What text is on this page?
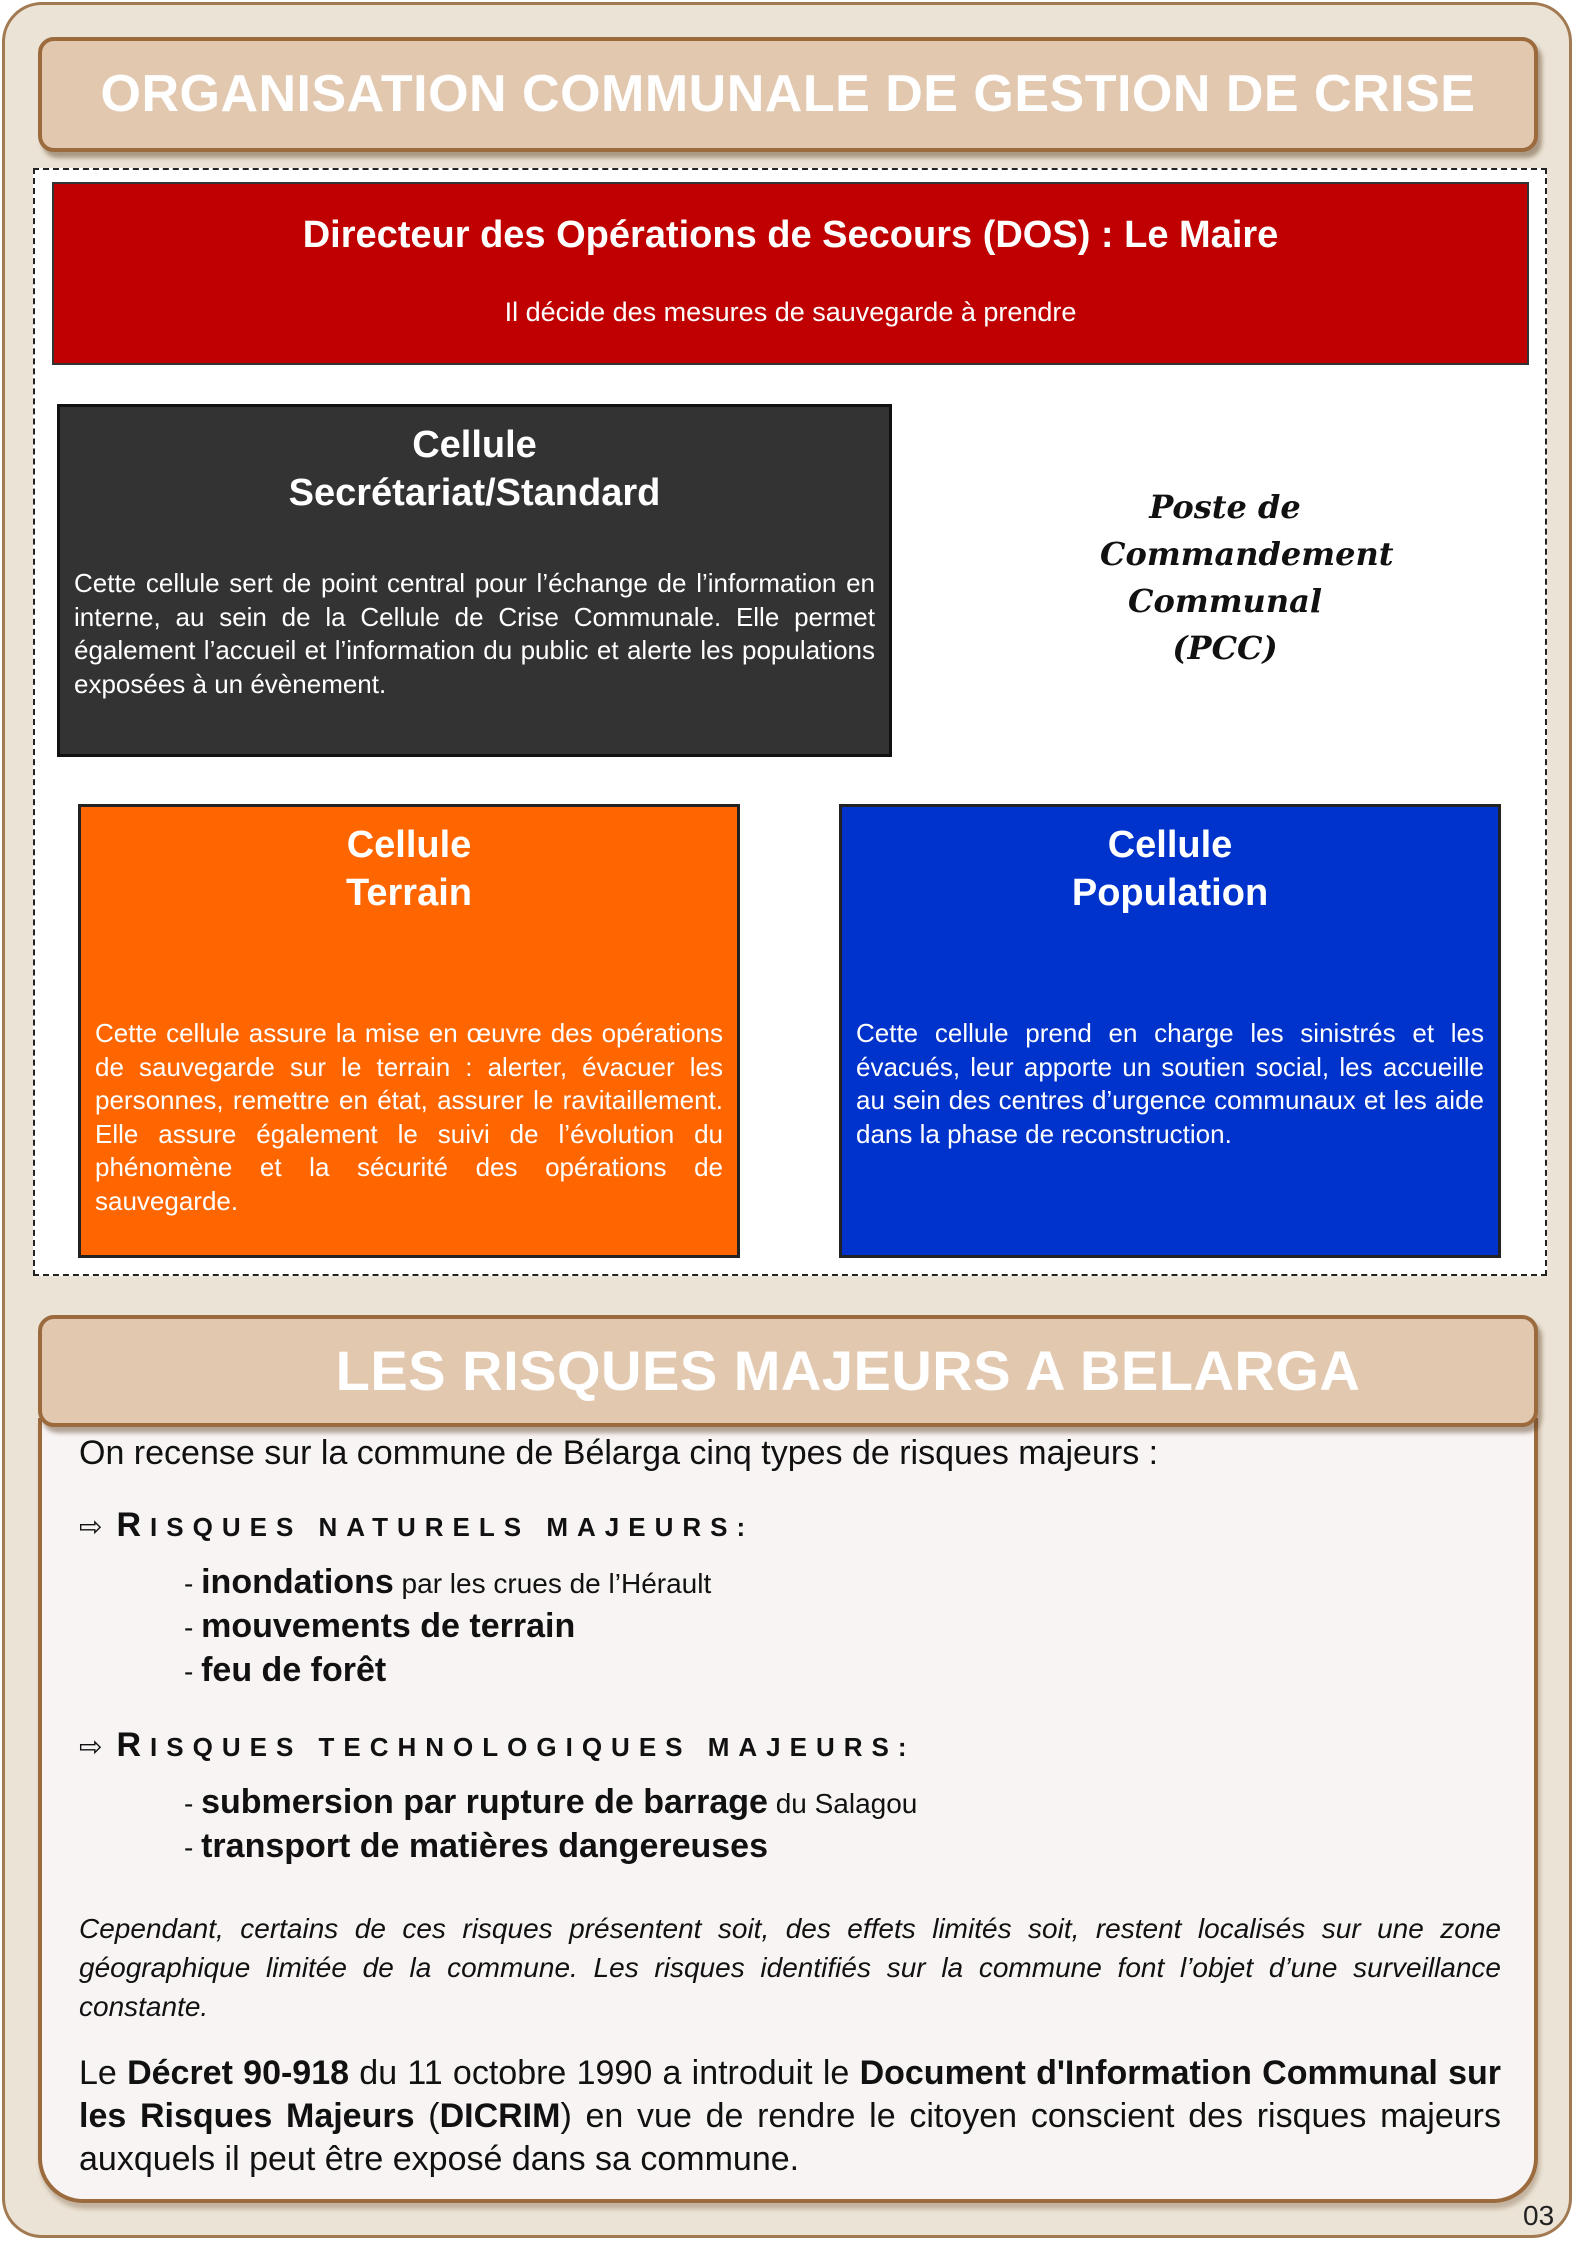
ORGANISATION COMMUNALE DE GESTION DE CRISE
Directeur des Opérations de Secours (DOS) : Le Maire
Il décide des mesures de sauvegarde à prendre
Cellule
Secrétariat/Standard
Cette cellule sert de point central pour l’échange de l’information en interne, au sein de la Cellule de Crise Communale. Elle permet également l’accueil et l’information du public et alerte les populations exposées à un évènement.
Poste de
Commandement
Communal
(PCC)
Cellule
Terrain
Cette cellule assure la mise en œuvre des opérations de sauvegarde sur le terrain : alerter, évacuer les personnes, remettre en état, assurer le ravitaillement. Elle assure également le suivi de l’évolution du phénomène et la sécurité des opérations de sauvegarde.
Cellule
Population
Cette cellule prend en charge les sinistrés et les évacués, leur apporte un soutien social, les accueille au sein des centres d’urgence communaux et les aide dans la phase de reconstruction.
On recense sur la commune de Bélarga cinq types de risques majeurs :
⇨ RISQUES NATURELS MAJEURS:
- inondations par les crues de l’Hérault
- mouvements de terrain
- feu de forêt
⇨ RISQUES TECHNOLOGIQUES MAJEURS:
- submersion par rupture de barrage du Salagou
- transport de matières dangereuses
Cependant, certains de ces risques présentent soit, des effets limités soit, restent localisés sur une zone géographique limitée de la commune. Les risques identifiés sur la commune font l’objet d’une surveillance constante.
Le Décret 90-918 du 11 octobre 1990 a introduit le Document d'Information Communal sur les Risques Majeurs (DICRIM) en vue de rendre le citoyen conscient des risques majeurs auxquels il peut être exposé dans sa commune.
LES RISQUES MAJEURS A BELARGA
03
